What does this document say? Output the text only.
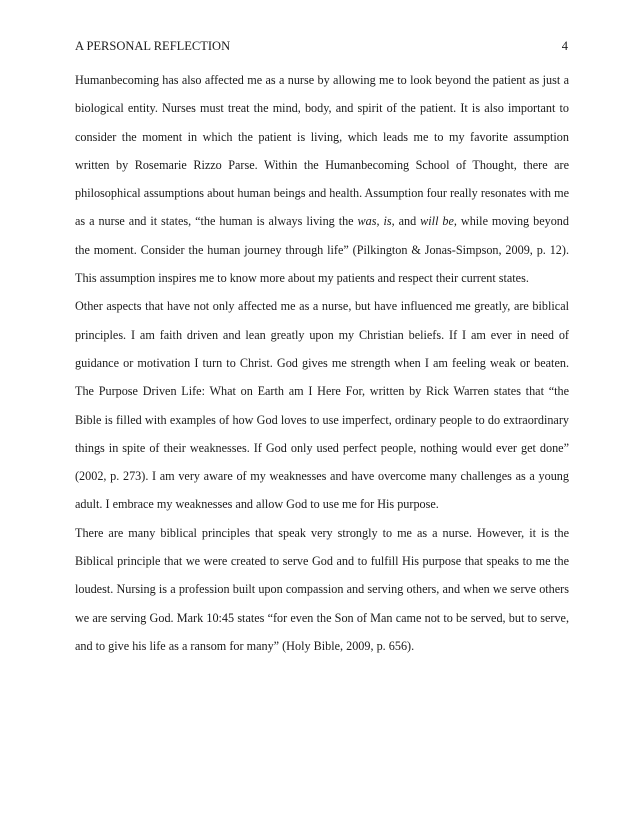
A PERSONAL REFLECTION	4

Humanbecoming has also affected me as a nurse by allowing me to look beyond the patient as just a biological entity. Nurses must treat the mind, body, and spirit of the patient. It is also important to consider the moment in which the patient is living, which leads me to my favorite assumption written by Rosemarie Rizzo Parse. Within the Humanbecoming School of Thought, there are philosophical assumptions about human beings and health. Assumption four really resonates with me as a nurse and it states, “the human is always living the was, is, and will be, while moving beyond the moment. Consider the human journey through life” (Pilkington & Jonas-Simpson, 2009, p. 12). This assumption inspires me to know more about my patients and respect their current states.

Other aspects that have not only affected me as a nurse, but have influenced me greatly, are biblical principles. I am faith driven and lean greatly upon my Christian beliefs. If I am ever in need of guidance or motivation I turn to Christ. God gives me strength when I am feeling weak or beaten. The Purpose Driven Life: What on Earth am I Here For, written by Rick Warren states that “the Bible is filled with examples of how God loves to use imperfect, ordinary people to do extraordinary things in spite of their weaknesses. If God only used perfect people, nothing would ever get done” (2002, p. 273). I am very aware of my weaknesses and have overcome many challenges as a young adult. I embrace my weaknesses and allow God to use me for His purpose.

There are many biblical principles that speak very strongly to me as a nurse. However, it is the Biblical principle that we were created to serve God and to fulfill His purpose that speaks to me the loudest. Nursing is a profession built upon compassion and serving others, and when we serve others we are serving God. Mark 10:45 states “for even the Son of Man came not to be served, but to serve, and to give his life as a ransom for many” (Holy Bible, 2009, p. 656).
